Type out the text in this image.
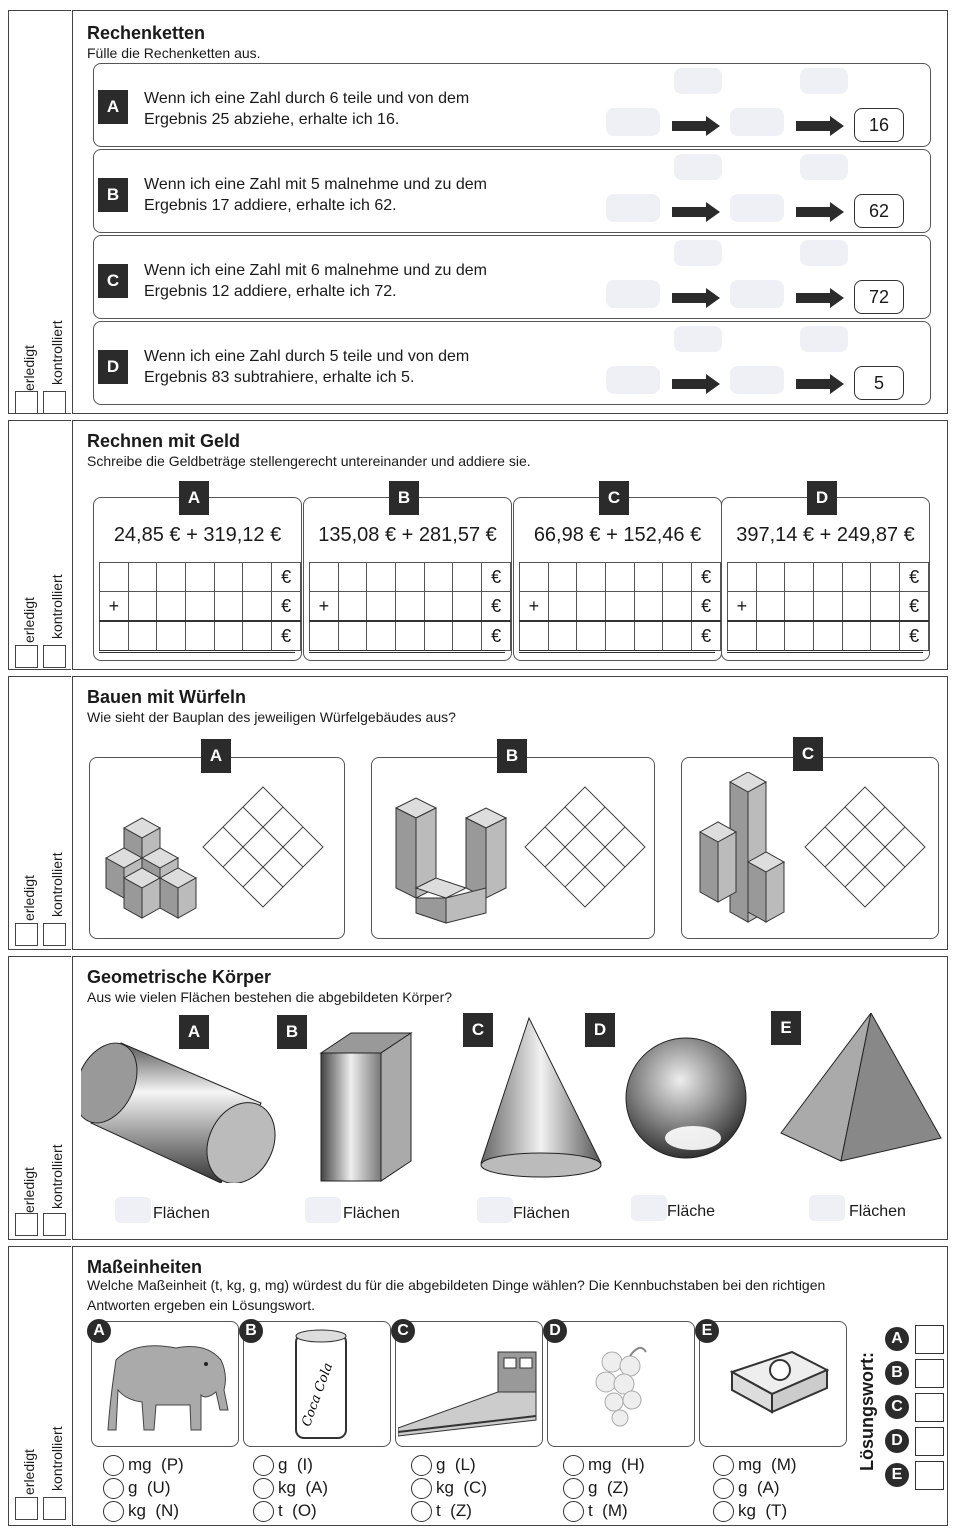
erledigt kontrolliert
Rechenketten
Fülle die Rechenketten aus.
A	Wenn ich eine Zahl durch 6 teile und von dem
Ergebnis 25 abziehe, erhalte ich 16.	16
B
Wenn ich eine Zahl mit 5 malnehme und zu dem
Ergebnis 17 addiere, erhalte ich 62.	62
C
Wenn ich eine Zahl mit 6 malnehme und zu dem
Ergebnis 12 addiere, erhalte ich 72.	72
D
Wenn ich eine Zahl durch 5 teile und von dem
Ergebnis 83 subtrahiere, erhalte ich 5.	5
erledigt kontrolliert
Rechnen mit Geld
Schreibe die Geldbeträge stellengerecht untereinander und addiere sie.
24,85 € + 319,12 €
						€
+						€
						€
A
135,08 € + 281,57 €
						€
+						€
						€
B
66,98 € + 152,46 €
						€
+						€
						€
C
397,14 € + 249,87 €
						€
+						€
						€
D
erledigt kontrolliert
Bauen mit Würfeln
Wie sieht der Bauplan des jeweiligen Würfelgebäudes aus?
A	B	C
erledigt kontrolliert
Geometrische Körper
Aus wie vielen Flächen bestehen die abgebildeten Körper?
A	B	C	D	E
Flächen	Flächen	Flächen	Fläche	Flächen
erledigt kontrolliert
Maßeinheiten
Welche Maßeinheit (t, kg, g, mg) würdest du für die abgebildeten Dinge wählen? Die Kennbuchstaben bei den richtigen
Antworten ergeben ein Lösungswort.
Coca Cola
A	B	C	D	E
mg  (P)
g  (U)
kg  (N)
g  (I)
kg  (A)
t  (O)
g  (L)
kg  (C)
t  (Z)
mg  (H)
g  (Z)
t  (M)
mg  (M)
g  (A)
kg  (T)
Lösungswort:
A
B
C
D
E
